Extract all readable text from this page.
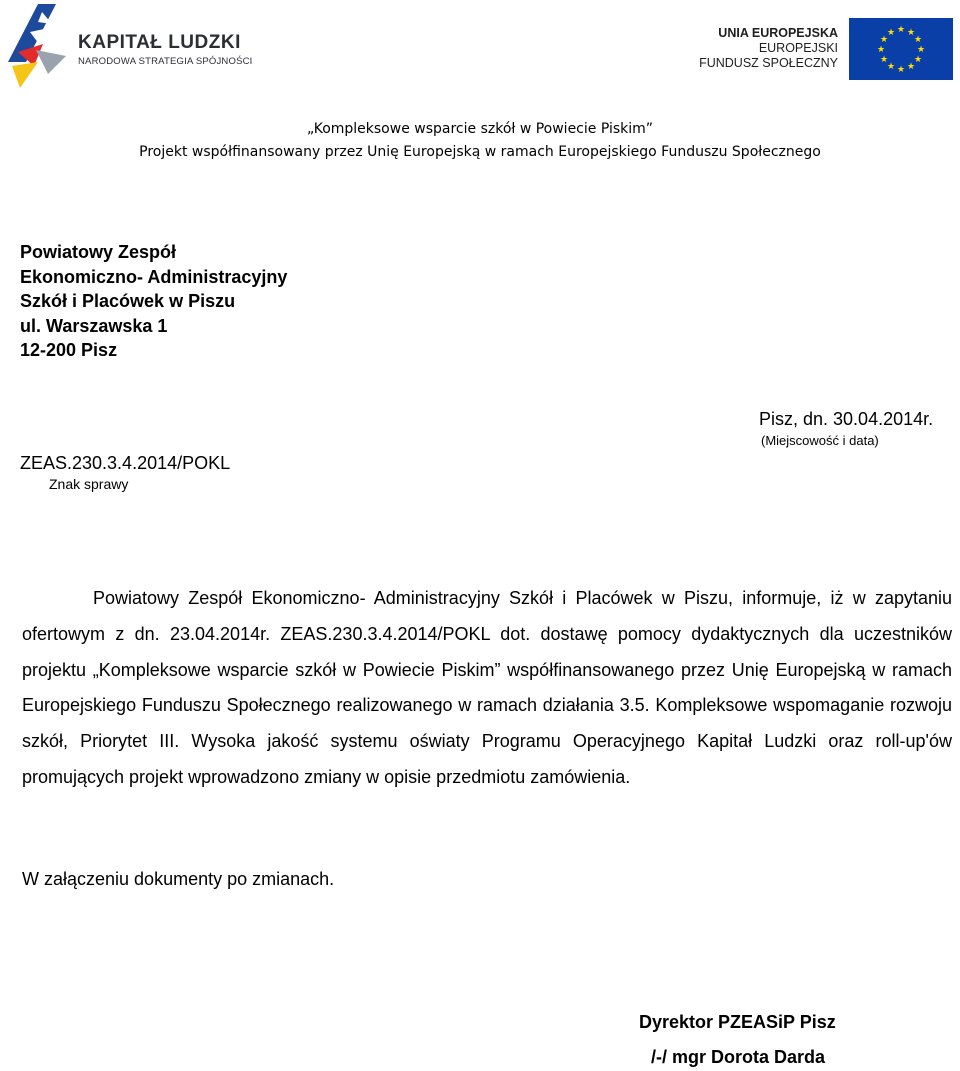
KAPITAŁ LUDZKI
NARODOWA STRATEGIA SPÓJNOŚCI
UNIA EUROPEJSKA
EUROPEJSKI
FUNDUSZ SPOŁECZNY
★ ★
★
★
★
★
★
★
★
★
★
★
„Kompleksowe wsparcie szkół w Powiecie Piskim”
Projekt współfinansowany przez Unię Europejską w ramach Europejskiego Funduszu Społecznego
Powiatowy Zespół
Ekonomiczno- Administracyjny
Szkół i Placówek w Piszu
ul. Warszawska 1
12-200 Pisz
ZEAS.230.3.4.2014/POKL
Znak sprawy
Pisz, dn. 30.04.2014r.
(Miejscowość i data)

Powiatowy Zespół Ekonomiczno- Administracyjny Szkół i Placówek w Piszu, informuje, iż w zapytaniu ofertowym z dn. 23.04.2014r. ZEAS.230.3.4.2014/POKL dot. dostawę pomocy dydaktycznych dla uczestników projektu „Kompleksowe wsparcie szkół w Powiecie Piskim” współfinansowanego przez Unię Europejską w ramach Europejskiego Funduszu Społecznego realizowanego w ramach działania 3.5. Kompleksowe wspomaganie rozwoju szkół, Priorytet III. Wysoka jakość systemu oświaty Programu Operacyjnego Kapitał Ludzki oraz roll-up'ów promujących projekt wprowadzono zmiany w opisie przedmiotu zamówienia.

W załączeniu dokumenty po zmianach.
Dyrektor PZEASiP Pisz
/-/ mgr Dorota Darda
